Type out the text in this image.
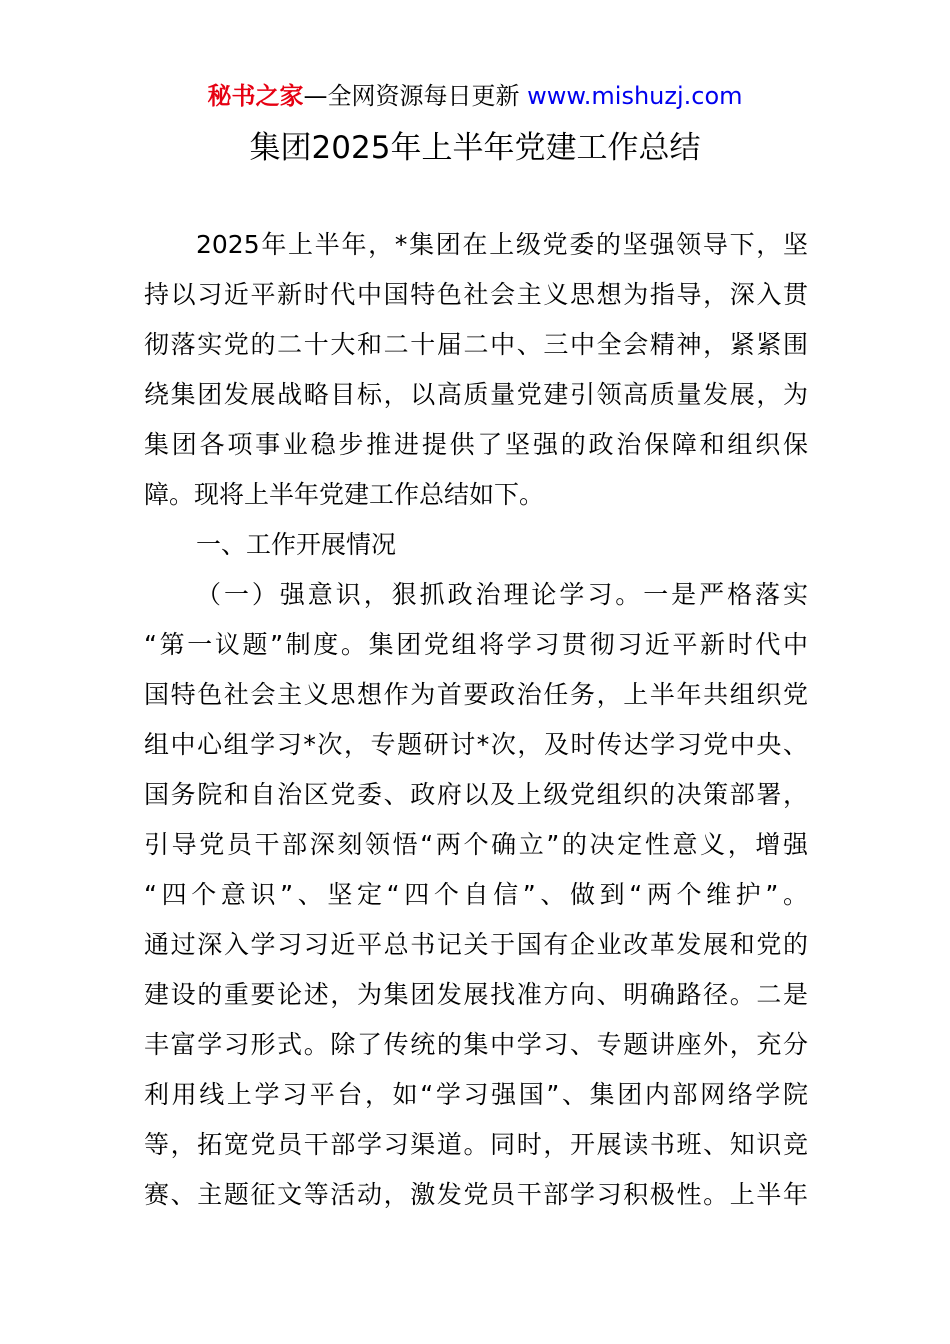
秘书之家—全网资源每日更新 www.mishuzj.com
集团2025年上半年党建工作总结
2025年上半年，*集团在上级党委的坚强领导下，坚
持以习近平新时代中国特色社会主义思想为指导，深入贯
彻落实党的二十大和二十届二中、三中全会精神，紧紧围
绕集团发展战略目标，以高质量党建引领高质量发展，为
集团各项事业稳步推进提供了坚强的政治保障和组织保
障。现将上半年党建工作总结如下。
一、工作开展情况
（一）强意识，狠抓政治理论学习。一是严格落实
“第一议题”制度。集团党组将学习贯彻习近平新时代中
国特色社会主义思想作为首要政治任务，上半年共组织党
组中心组学习*次，专题研讨*次，及时传达学习党中央、
国务院和自治区党委、政府以及上级党组织的决策部署，
引导党员干部深刻领悟“两个确立”的决定性意义，增强
“四个意识”、坚定“四个自信”、做到“两个维护”。
通过深入学习习近平总书记关于国有企业改革发展和党的
建设的重要论述，为集团发展找准方向、明确路径。二是
丰富学习形式。除了传统的集中学习、专题讲座外，充分
利用线上学习平台，如“学习强国”、集团内部网络学院
等，拓宽党员干部学习渠道。同时，开展读书班、知识竞
赛、主题征文等活动，激发党员干部学习积极性。上半年
